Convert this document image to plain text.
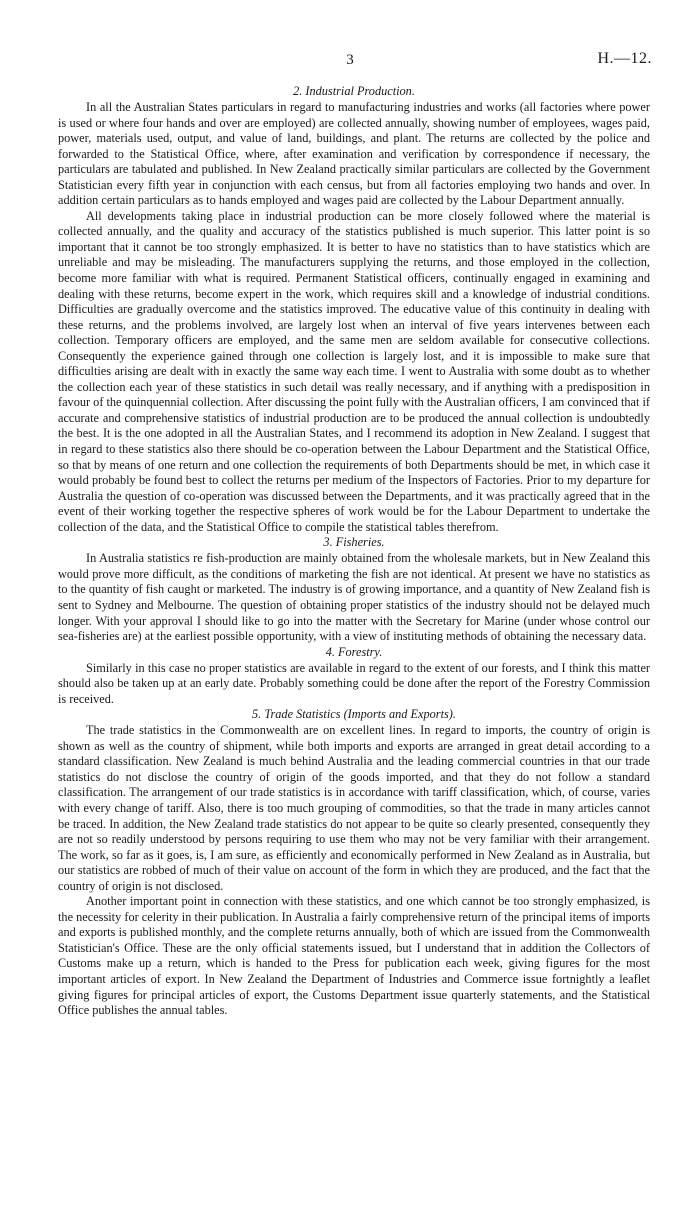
3	H.—12.
2. Industrial Production.

In all the Australian States particulars in regard to manufacturing industries and works (all factories where power is used or where four hands and over are employed) are collected annually, showing number of employees, wages paid, power, materials used, output, and value of land, buildings, and plant. The returns are collected by the police and forwarded to the Statistical Office, where, after examination and verification by correspondence if necessary, the particulars are tabulated and published. In New Zealand practically similar particulars are collected by the Government Statistician every fifth year in conjunction with each census, but from all factories employing two hands and over. In addition certain particulars as to hands employed and wages paid are collected by the Labour Department annually.

All developments taking place in industrial production can be more closely followed where the material is collected annually, and the quality and accuracy of the statistics published is much superior. This latter point is so important that it cannot be too strongly emphasized. It is better to have no statistics than to have statistics which are unreliable and may be misleading. The manufacturers supplying the returns, and those employed in the collection, become more familiar with what is required. Permanent Statistical officers, continually engaged in examining and dealing with these returns, become expert in the work, which requires skill and a knowledge of industrial conditions. Difficulties are gradually overcome and the statistics improved. The educative value of this continuity in dealing with these returns, and the problems involved, are largely lost when an interval of five years intervenes between each collection. Temporary officers are employed, and the same men are seldom available for consecutive collections. Consequently the experience gained through one collection is largely lost, and it is impossible to make sure that difficulties arising are dealt with in exactly the same way each time. I went to Australia with some doubt as to whether the collection each year of these statistics in such detail was really necessary, and if anything with a predisposition in favour of the quinquennial collection. After discussing the point fully with the Australian officers, I am convinced that if accurate and comprehensive statistics of industrial production are to be produced the annual collection is undoubtedly the best. It is the one adopted in all the Australian States, and I recommend its adoption in New Zealand. I suggest that in regard to these statistics also there should be co-operation between the Labour Department and the Statistical Office, so that by means of one return and one collection the requirements of both Departments should be met, in which case it would probably be found best to collect the returns per medium of the Inspectors of Factories. Prior to my departure for Australia the question of co-operation was discussed between the Departments, and it was practically agreed that in the event of their working together the respective spheres of work would be for the Labour Department to undertake the collection of the data, and the Statistical Office to compile the statistical tables therefrom.

3. Fisheries.

In Australia statistics re fish-production are mainly obtained from the wholesale markets, but in New Zealand this would prove more difficult, as the conditions of marketing the fish are not identical. At present we have no statistics as to the quantity of fish caught or marketed. The industry is of growing importance, and a quantity of New Zealand fish is sent to Sydney and Melbourne. The question of obtaining proper statistics of the industry should not be delayed much longer. With your approval I should like to go into the matter with the Secretary for Marine (under whose control our sea-fisheries are) at the earliest possible opportunity, with a view of instituting methods of obtaining the necessary data.

4. Forestry.

Similarly in this case no proper statistics are available in regard to the extent of our forests, and I think this matter should also be taken up at an early date. Probably something could be done after the report of the Forestry Commission is received.

5. Trade Statistics (Imports and Exports).

The trade statistics in the Commonwealth are on excellent lines. In regard to imports, the country of origin is shown as well as the country of shipment, while both imports and exports are arranged in great detail according to a standard classification. New Zealand is much behind Australia and the leading commercial countries in that our trade statistics do not disclose the country of origin of the goods imported, and that they do not follow a standard classification. The arrangement of our trade statistics is in accordance with tariff classification, which, of course, varies with every change of tariff. Also, there is too much grouping of commodities, so that the trade in many articles cannot be traced. In addition, the New Zealand trade statistics do not appear to be quite so clearly presented, consequently they are not so readily understood by persons requiring to use them who may not be very familiar with their arrangement. The work, so far as it goes, is, I am sure, as efficiently and economically performed in New Zealand as in Australia, but our statistics are robbed of much of their value on account of the form in which they are produced, and the fact that the country of origin is not disclosed.

Another important point in connection with these statistics, and one which cannot be too strongly emphasized, is the necessity for celerity in their publication. In Australia a fairly comprehensive return of the principal items of imports and exports is published monthly, and the complete returns annually, both of which are issued from the Commonwealth Statistician's Office. These are the only official statements issued, but I understand that in addition the Collectors of Customs make up a return, which is handed to the Press for publication each week, giving figures for the most important articles of export. In New Zealand the Department of Industries and Commerce issue fortnightly a leaflet giving figures for principal articles of export, the Customs Department issue quarterly statements, and the Statistical Office publishes the annual tables.
